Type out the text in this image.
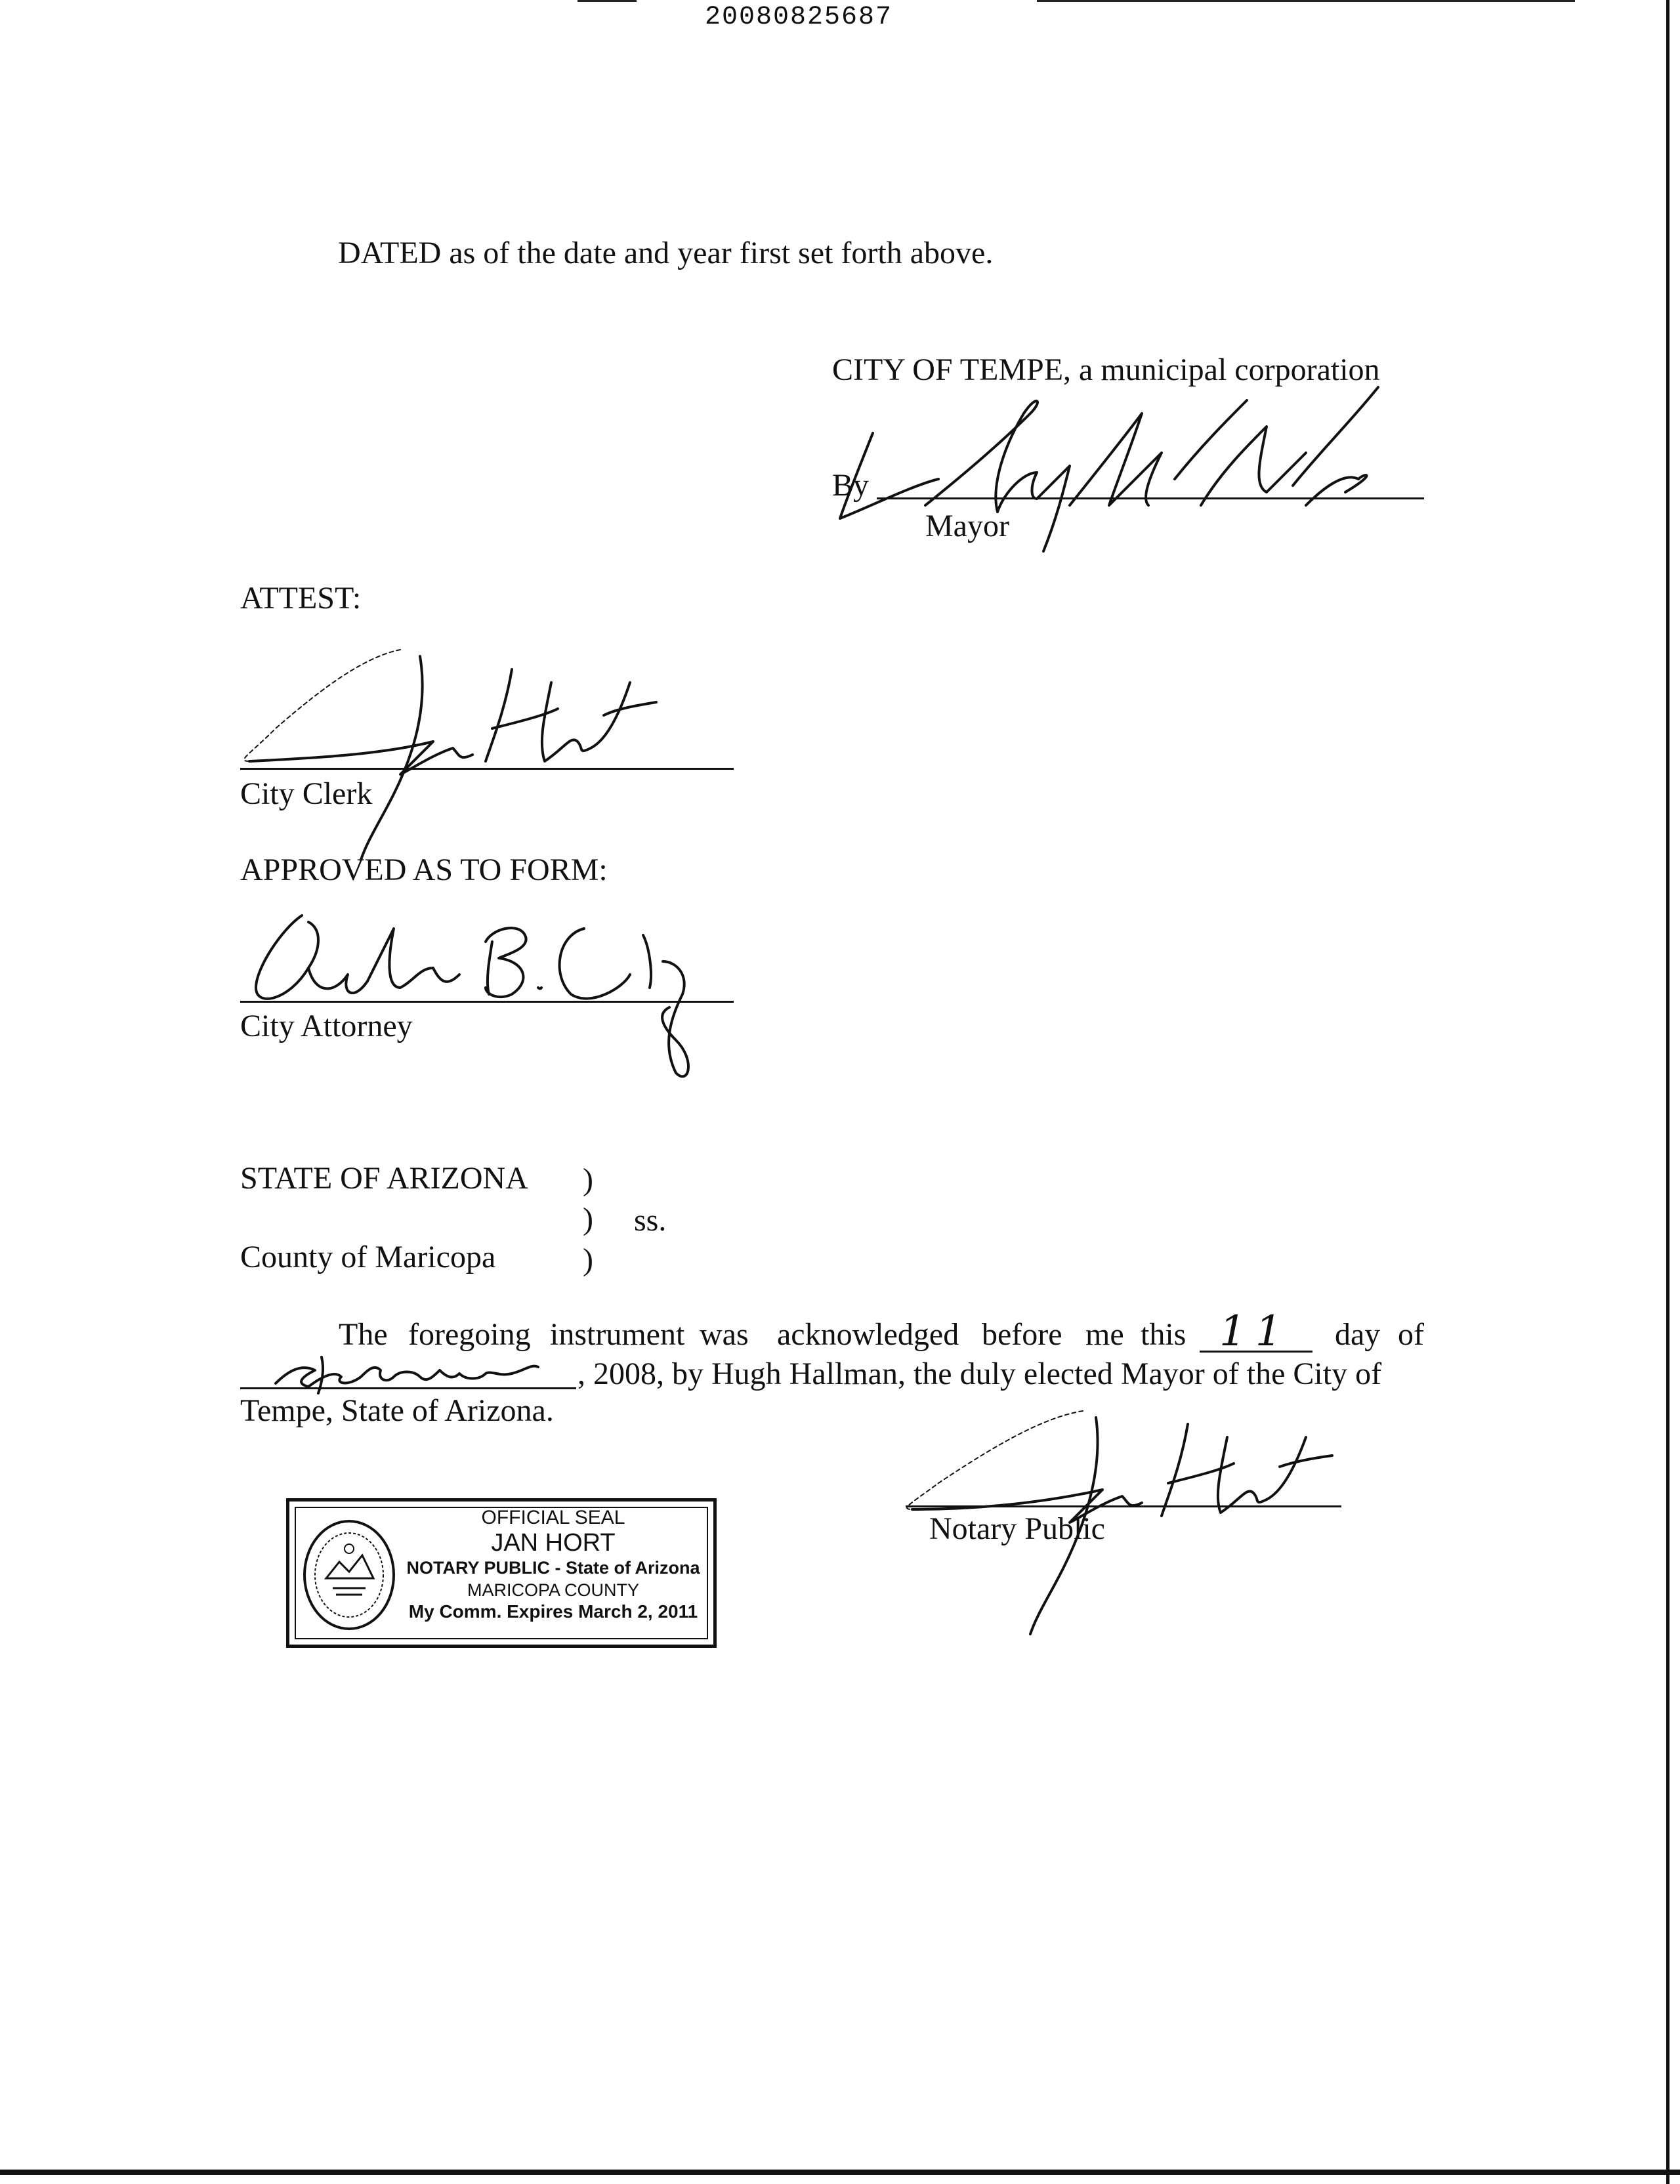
20080825687
DATED as of the date and year first set forth above.
CITY OF TEMPE, a municipal corporation
By
Mayor
ATTEST:
City Clerk
APPROVED AS TO FORM:
City Attorney
STATE OF ARIZONA )
) ss.
County of Maricopa	)
The foregoing instrument was acknowledged before me this 11 day of
, 2008, by Hugh Hallman, the duly elected Mayor of the City of
Tempe, State of Arizona.
Notary Public
OFFICIAL SEAL
JAN HORT
NOTARY PUBLIC - State of Arizona
MARICOPA COUNTY
My Comm. Expires March 2, 2011
